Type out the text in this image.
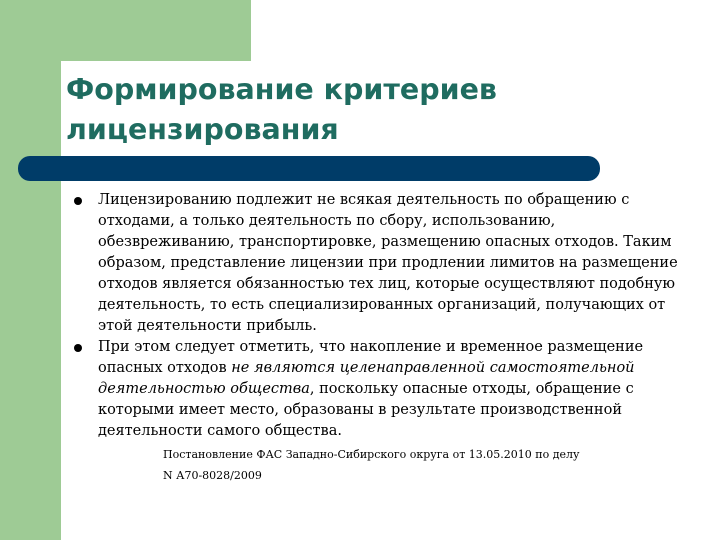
Формирование критериев
лицензирования
Лицензированию подлежит не всякая деятельность по обращению с
отходами, а только деятельность по сбору, использованию,
обезвреживанию, транспортировке, размещению опасных отходов. Таким
образом, представление лицензии при продлении лимитов на размещение
отходов является обязанностью тех лиц, которые осуществляют подобную
деятельность, то есть специализированных организаций, получающих от
этой деятельности прибыль.
При этом следует отметить, что накопление и временное размещение
опасных отходов не являются целенаправленной самостоятельной
деятельностью общества, поскольку опасные отходы, обращение с
которыми имеет место, образованы в результате производственной
деятельности самого общества.
Постановление ФАС Западно-Сибирского округа от 13.05.2010 по делу
N А70-8028/2009
